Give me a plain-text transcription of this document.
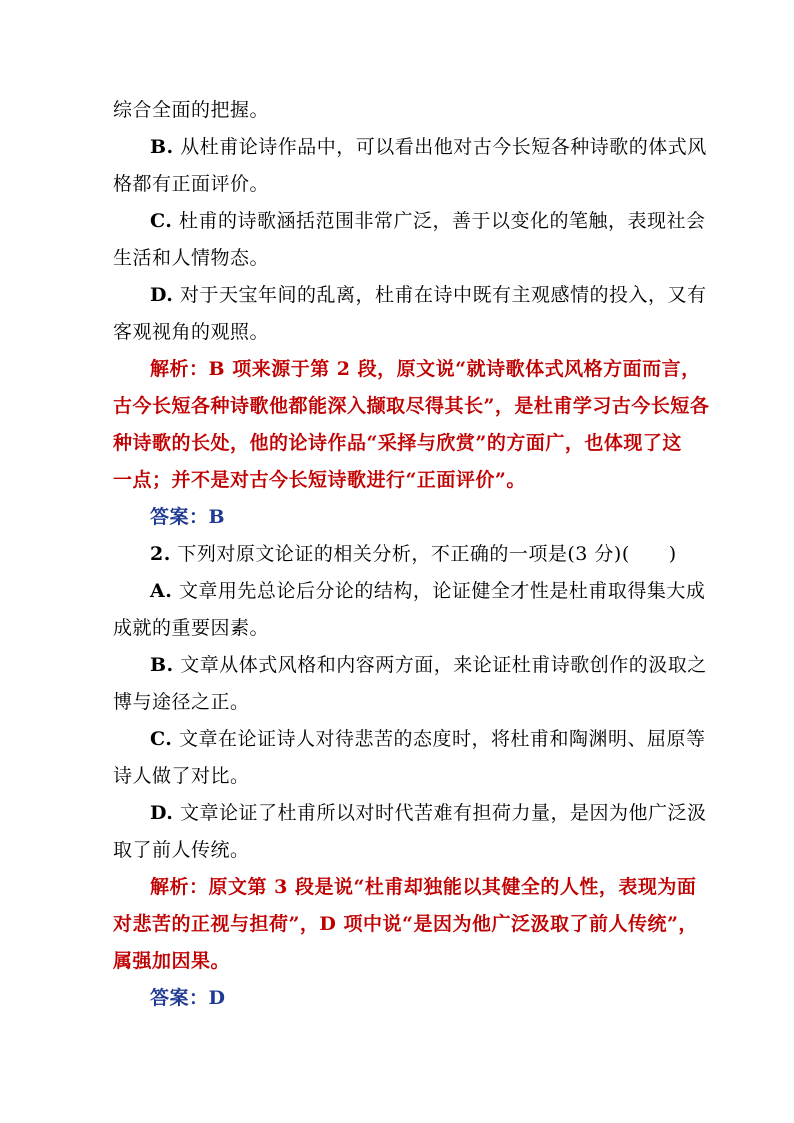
综合全面的把握。
B. 从杜甫论诗作品中，可以看出他对古今长短各种诗歌的体式风
格都有正面评价。
C. 杜甫的诗歌涵括范围非常广泛，善于以变化的笔触，表现社会
生活和人情物态。
D. 对于天宝年间的乱离，杜甫在诗中既有主观感情的投入，又有
客观视角的观照。
解析：B 项来源于第 2 段，原文说“就诗歌体式风格方面而言，
古今长短各种诗歌他都能深入撷取尽得其长”，是杜甫学习古今长短各
种诗歌的长处，他的论诗作品“采择与欣赏”的方面广，也体现了这
一点；并不是对古今长短诗歌进行“正面评价”。
答案：B
2. 下列对原文论证的相关分析，不正确的一项是(3 分)(　　)
A. 文章用先总论后分论的结构，论证健全才性是杜甫取得集大成
成就的重要因素。
B. 文章从体式风格和内容两方面，来论证杜甫诗歌创作的汲取之
博与途径之正。
C. 文章在论证诗人对待悲苦的态度时，将杜甫和陶渊明、屈原等
诗人做了对比。
D. 文章论证了杜甫所以对时代苦难有担荷力量，是因为他广泛汲
取了前人传统。
解析：原文第 3 段是说“杜甫却独能以其健全的人性，表现为面
对悲苦的正视与担荷”，D 项中说“是因为他广泛汲取了前人传统”，
属强加因果。
答案：D
